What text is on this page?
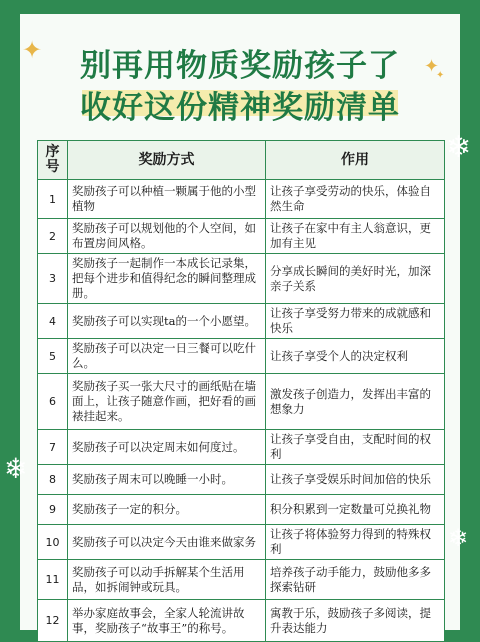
别再用物质奖励孩子了
收好这份精神奖励清单
✦
✦
✦
❄
❄
❄
序号	奖励方式	作用
1	奖励孩子可以种植一颗属于他的小型植物	让孩子享受劳动的快乐，体验自然生命
2	奖励孩子可以规划他的个人空间，如布置房间风格。	让孩子在家中有主人翁意识，更加有主见
3	奖励孩子一起制作一本成长记录集，把每个进步和值得纪念的瞬间整理成册。	分享成长瞬间的美好时光，加深亲子关系
4	奖励孩子可以实现ta的一个小愿望。	让孩子享受努力带来的成就感和快乐
5	奖励孩子可以决定一日三餐可以吃什么。	让孩子享受个人的决定权利
6	奖励孩子买一张大尺寸的画纸贴在墙面上，让孩子随意作画，把好看的画裱挂起来。	激发孩子创造力，发挥出丰富的想象力
7	奖励孩子可以决定周末如何度过。	让孩子享受自由，支配时间的权利
8	奖励孩子周末可以晚睡一小时。	让孩子享受娱乐时间加倍的快乐
9	奖励孩子一定的积分。	积分积累到一定数量可兑换礼物
10	奖励孩子可以决定今天由谁来做家务	让孩子将体验努力得到的特殊权利
11	奖励孩子可以动手拆解某个生活用品，如拆闹钟或玩具。	培养孩子动手能力，鼓励他多多探索钻研
12	举办家庭故事会，全家人轮流讲故事，奖励孩子“故事王”的称号。	寓教于乐，鼓励孩子多阅读，提升表达能力
